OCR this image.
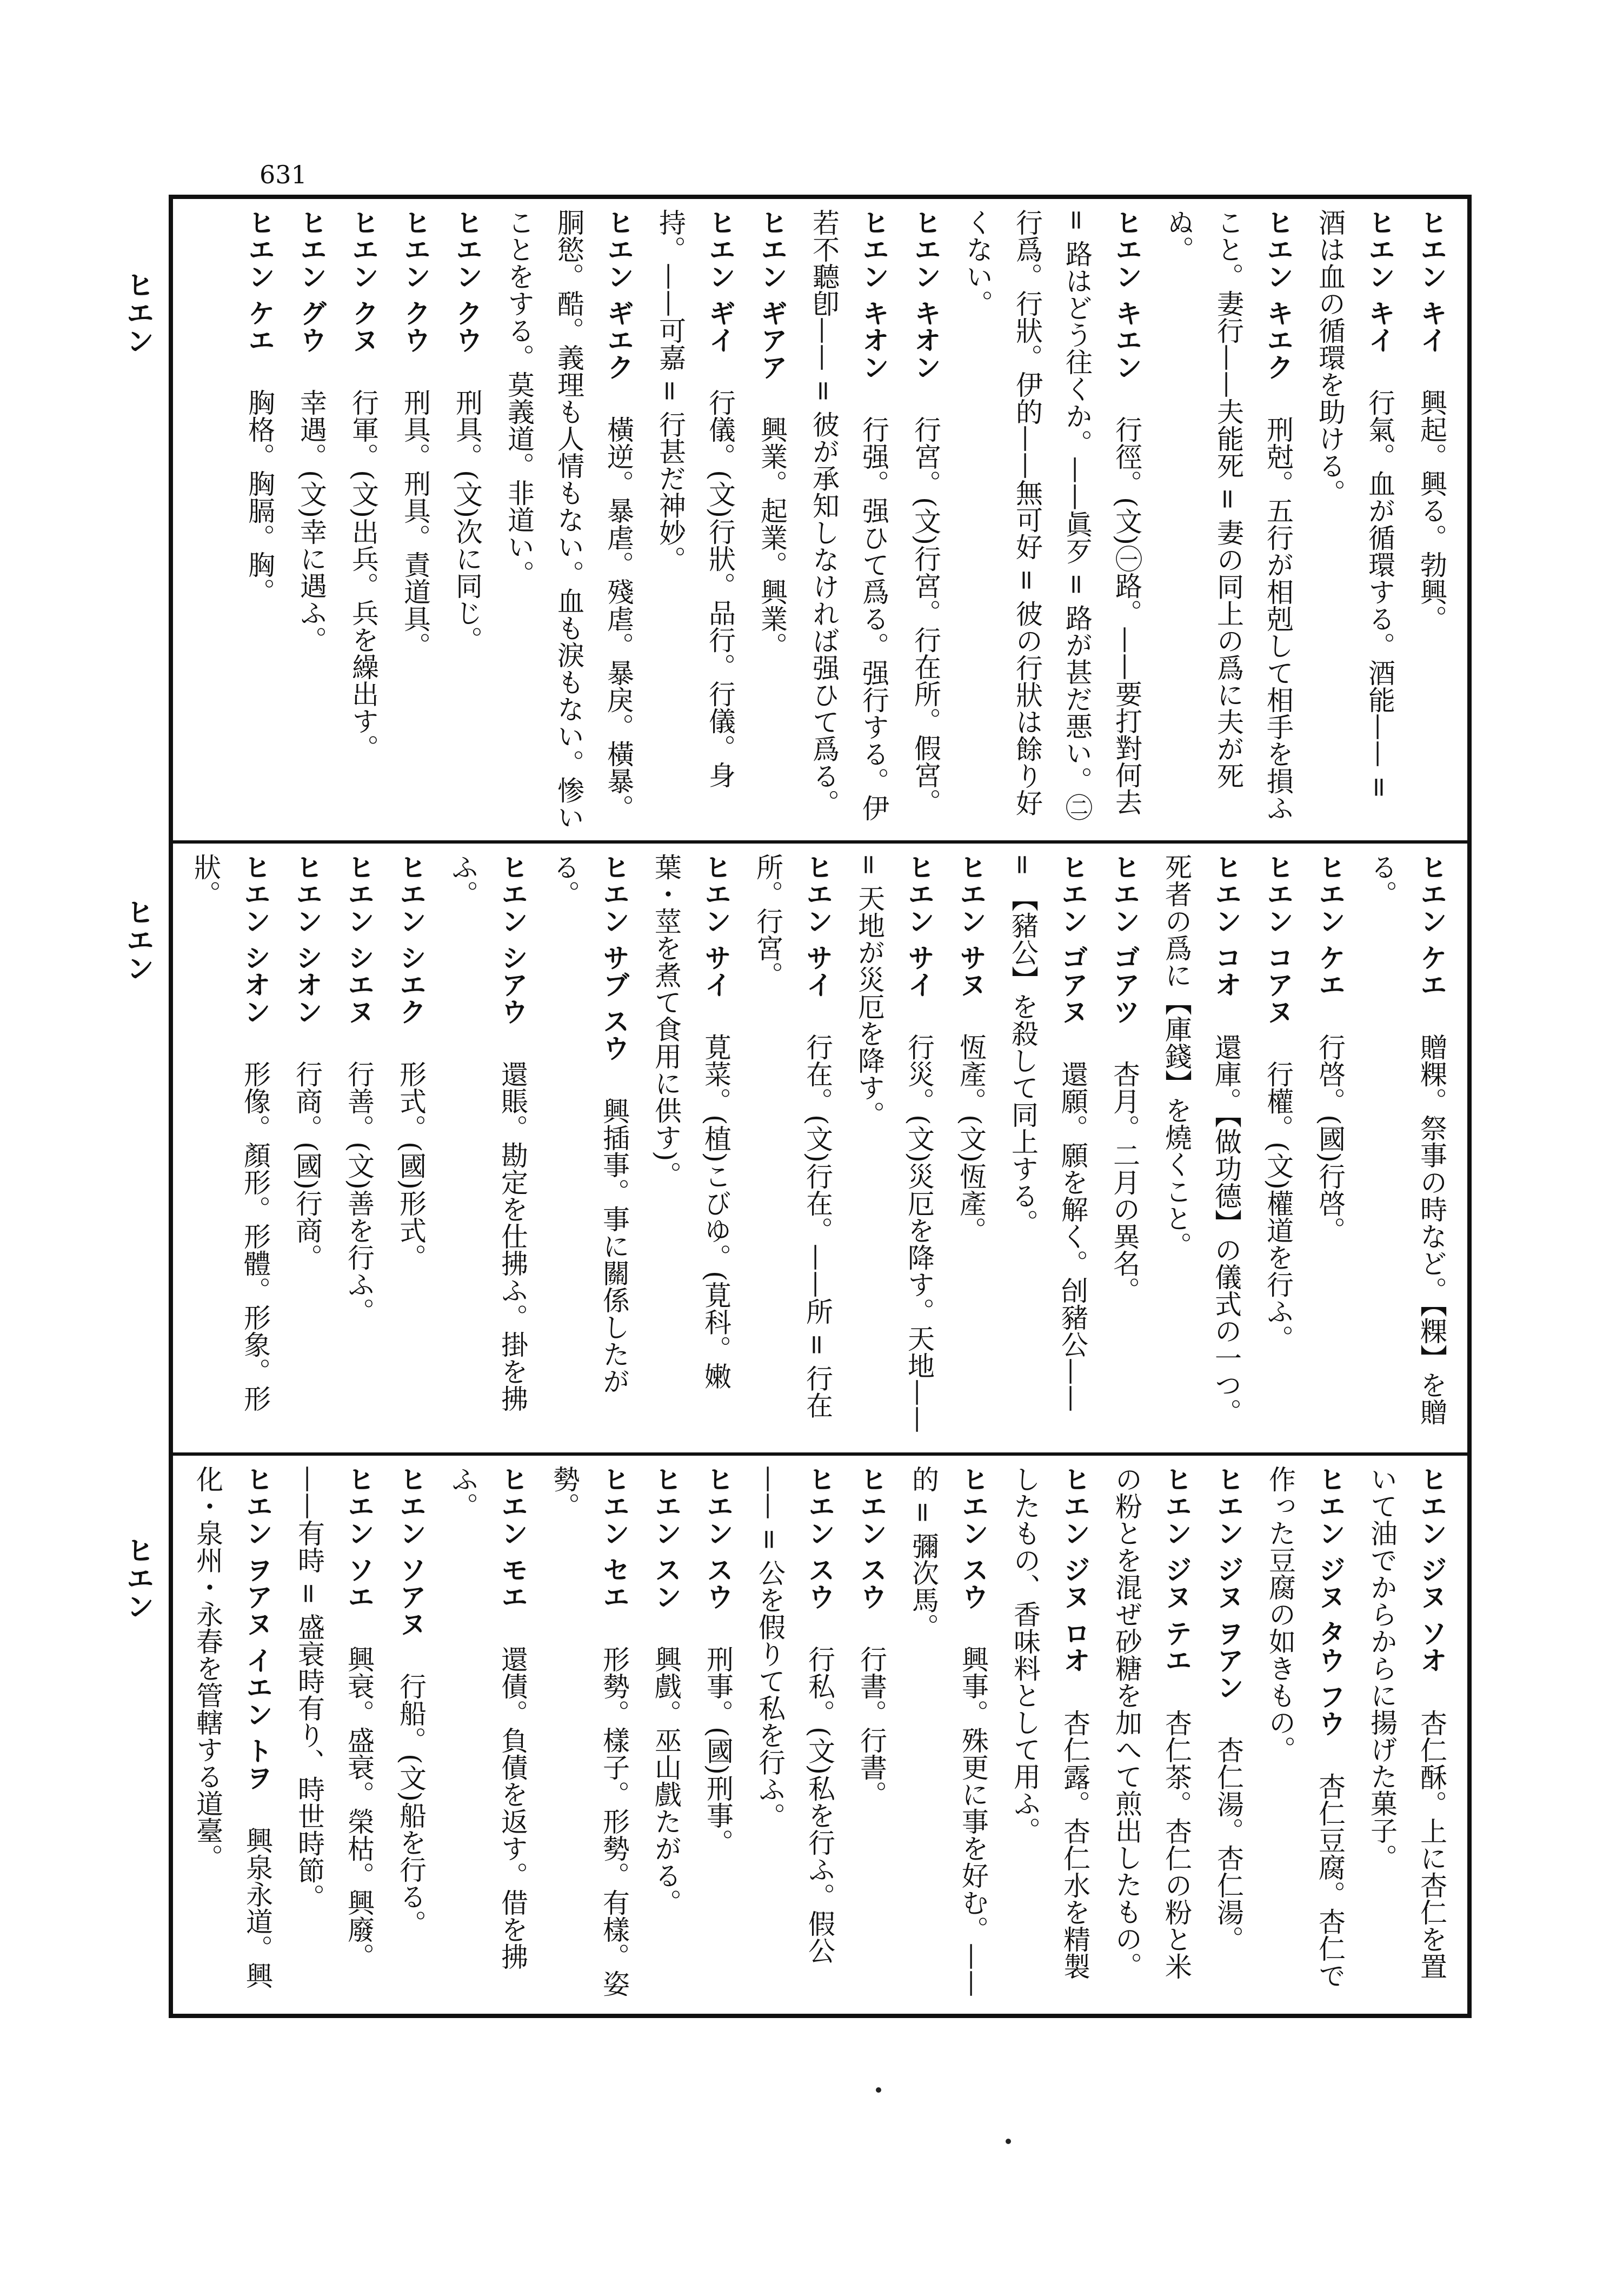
631
ヒエン
ヒエン
ヒエン
ヒエン キイ　興起。興る。勃興。
ヒエン キイ　行氣。血が循環する。酒能—— = 酒は血の循環を助ける。
ヒエン キエク　刑尅。五行が相剋して相手を損ふこと。妻行——夫能死 = 妻の同上の爲に夫が死ぬ。
ヒエン キエン　行徑。(文)㊀路。——要打對何去 = 路はどう往くか。——眞歹 = 路が甚だ悪い。㊁行爲。行狀。伊的——無可好 = 彼の行狀は餘り好くない。
ヒエン キオン　行宮。(文)行宮。行在所。假宮。
ヒエン キオン　行强。强ひて爲る。强行する。伊若不聽卽—— = 彼が承知しなければ强ひて爲る。
ヒエン ギアア　興業。起業。興業。
ヒエン ギイ　行儀。(文)行狀。品行。行儀。身持。——可嘉 = 行甚だ神妙。
ヒエン ギエク　橫逆。暴虐。殘虐。暴戾。橫暴。胴慾。酷。義理も人情もない。血も淚もない。惨いことをする。莫義道。非道い。
ヒエン クウ　刑具。(文)次に同じ。
ヒエン クウ　刑具。刑具。責道具。
ヒエン クヌ　行軍。(文)出兵。兵を繰出す。
ヒエン グウ　幸遇。(文)幸に遇ふ。
ヒエン ケエ　胸格。胸膈。胸。
ヒエン ケエ　贈粿。祭事の時など。【粿】を贈る。
ヒエン ケエ　行啓。(國)行啓。
ヒエン コアヌ　行權。(文)權道を行ふ。
ヒエン コオ　還庫。【做功德】の儀式の一つ。死者の爲に【庫錢】を燒くこと。
ヒエン ゴアツ　杏月。二月の異名。
ヒエン ゴアヌ　還願。願を解く。刣豬公—— = 【豬公】を殺して同上する。
ヒエン サヌ　恆產。(文)恆產。
ヒエン サイ　行災。(文)災厄を降す。天地—— = 天地が災厄を降す。
ヒエン サイ　行在。(文)行在。——所 = 行在所。行宮。
ヒエン サイ　莧菜。(植)こびゆ。(莧科。嫩葉・莖を煮て食用に供す)。
ヒエン サブ スウ　興插事。事に關係したがる。
ヒエン シアウ　還賬。勘定を仕拂ふ。掛を拂ふ。
ヒエン シエク　形式。(國)形式。
ヒエン シエヌ　行善。(文)善を行ふ。
ヒエン シオン　行商。(國)行商。
ヒエン シオン　形像。顏形。形體。形象。形狀。

ヒエン ジヌ ソオ　杏仁酥。上に杏仁を置いて油でからからに揚げた菓子。
ヒエン ジヌ タウ フウ　杏仁豆腐。杏仁で作った豆腐の如きもの。
ヒエン ジヌ ヲアン　杏仁湯。杏仁湯。
ヒエン ジヌ テエ　杏仁茶。杏仁の粉と米の粉とを混ぜ砂糖を加へて煎出したもの。
ヒエン ジヌ ロオ　杏仁露。杏仁水を精製したもの、香味料として用ふ。
ヒエン スウ　興事。殊更に事を好む。——的 = 彌次馬。
ヒエン スウ　行書。行書。
ヒエン スウ　行私。(文)私を行ふ。假公—— = 公を假りて私を行ふ。
ヒエン スウ　刑事。(國)刑事。
ヒエン スン　興戲。巫山戲たがる。
ヒエン セエ　形勢。樣子。形勢。有樣。姿勢。
ヒエン モエ　還債。負債を返す。借を拂ふ。
ヒエン ソアヌ　行船。(文)船を行る。
ヒエン ソエ　興衰。盛衰。榮枯。興廢。——有時 = 盛衰時有り、時世時節。
ヒエン ヲアヌ イエン トヲ　興泉永道。興化・泉州・永春を管轄する道臺。
